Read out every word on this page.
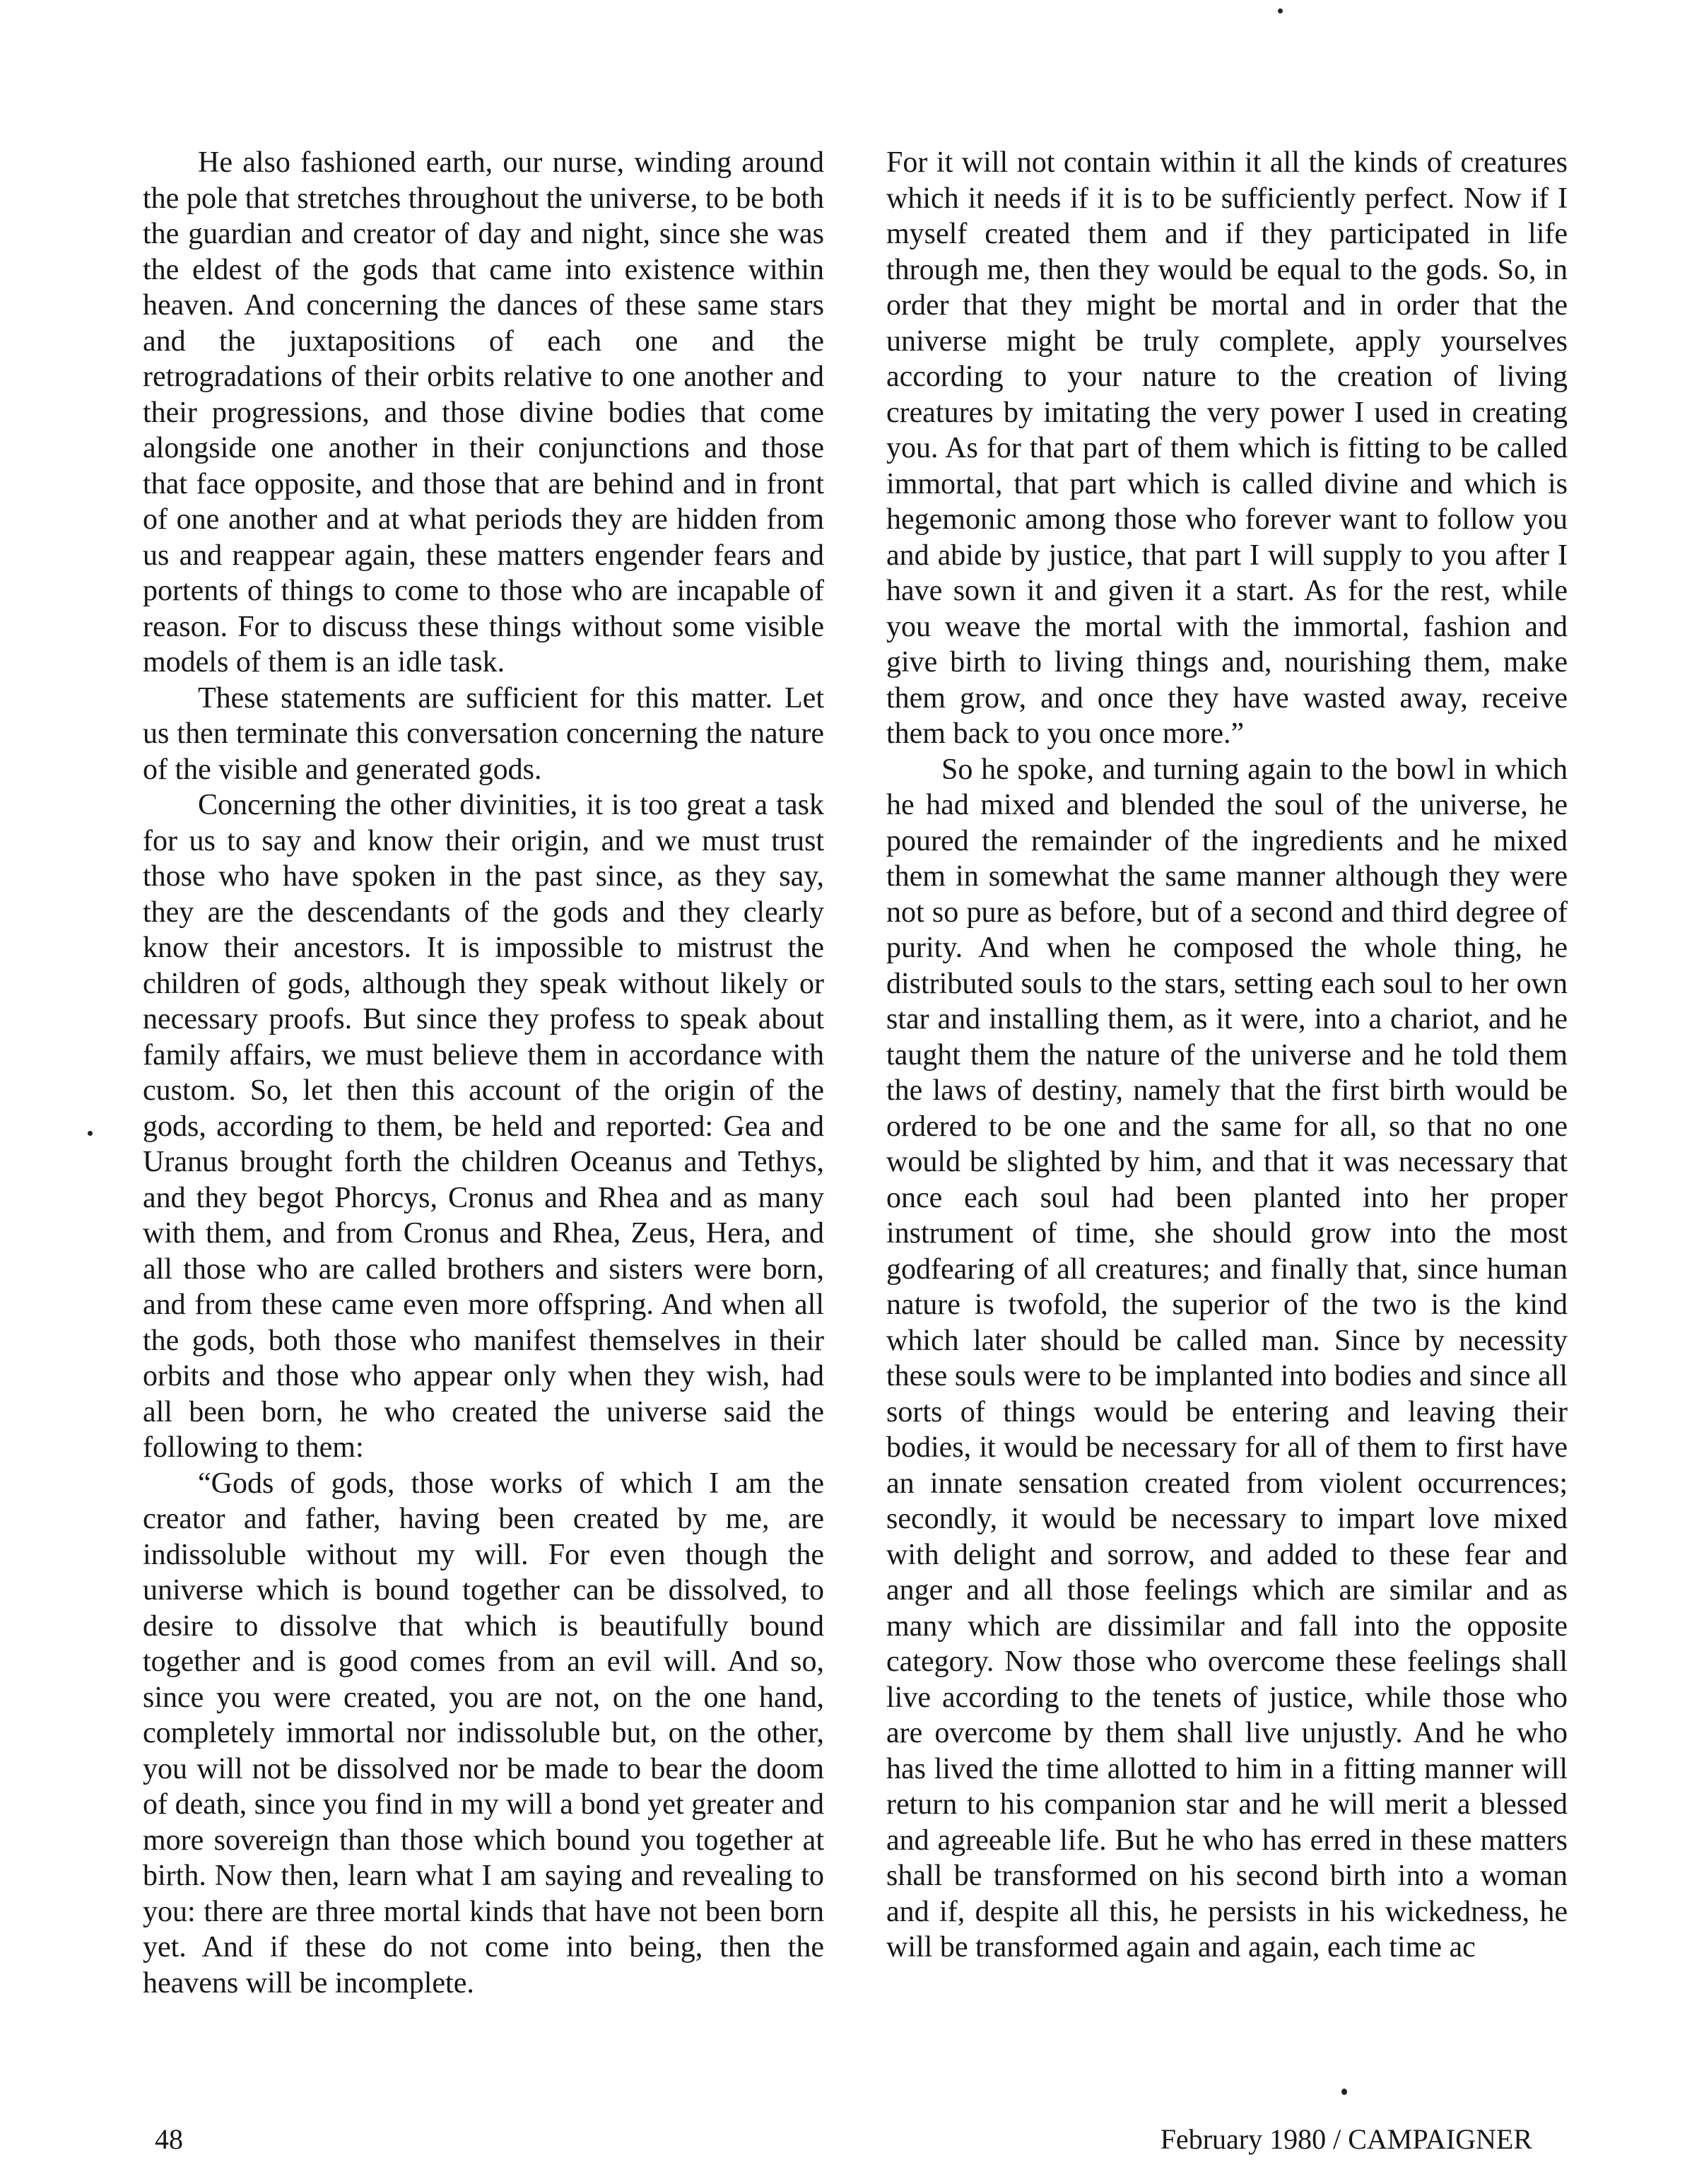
He also fashioned earth, our nurse, winding around the pole that stretches throughout the universe, to be both the guardian and creator of day and night, since she was the eldest of the gods that came into existence within heaven. And concerning the dances of these same stars and the juxtapositions of each one and the retrogradations of their orbits relative to one another and their progressions, and those divine bodies that come alongside one another in their conjunctions and those that face opposite, and those that are behind and in front of one another and at what periods they are hidden from us and reappear again, these matters engender fears and portents of things to come to those who are incapable of reason. For to discuss these things without some visible models of them is an idle task.

These statements are sufficient for this matter. Let us then terminate this conversation concerning the nature of the visible and generated gods.

Concerning the other divinities, it is too great a task for us to say and know their origin, and we must trust those who have spoken in the past since, as they say, they are the descendants of the gods and they clearly know their ancestors. It is impossible to mistrust the children of gods, although they speak without likely or necessary proofs. But since they profess to speak about family affairs, we must believe them in accordance with custom. So, let then this account of the origin of the gods, according to them, be held and reported: Gea and Uranus brought forth the children Oceanus and Tethys, and they begot Phorcys, Cronus and Rhea and as many with them, and from Cronus and Rhea, Zeus, Hera, and all those who are called brothers and sisters were born, and from these came even more offspring. And when all the gods, both those who manifest themselves in their orbits and those who appear only when they wish, had all been born, he who created the universe said the following to them:

“Gods of gods, those works of which I am the creator and father, having been created by me, are indissoluble without my will. For even though the universe which is bound together can be dissolved, to desire to dissolve that which is beautifully bound together and is good comes from an evil will. And so, since you were created, you are not, on the one hand, completely immortal nor indissoluble but, on the other, you will not be dissolved nor be made to bear the doom of death, since you find in my will a bond yet greater and more sovereign than those which bound you together at birth. Now then, learn what I am saying and revealing to you: there are three mortal kinds that have not been born yet. And if these do not come into being, then the heavens will be incomplete.

For it will not contain within it all the kinds of creatures which it needs if it is to be sufficiently perfect. Now if I myself created them and if they participated in life through me, then they would be equal to the gods. So, in order that they might be mortal and in order that the universe might be truly complete, apply yourselves according to your nature to the creation of living creatures by imitating the very power I used in creating you. As for that part of them which is fitting to be called immortal, that part which is called divine and which is hegemonic among those who forever want to follow you and abide by justice, that part I will supply to you after I have sown it and given it a start. As for the rest, while you weave the mortal with the immortal, fashion and give birth to living things and, nourishing them, make them grow, and once they have wasted away, receive them back to you once more.”

So he spoke, and turning again to the bowl in which he had mixed and blended the soul of the universe, he poured the remainder of the ingredients and he mixed them in somewhat the same manner although they were not so pure as before, but of a second and third degree of purity. And when he composed the whole thing, he distributed souls to the stars, setting each soul to her own star and installing them, as it were, into a chariot, and he taught them the nature of the universe and he told them the laws of destiny, namely that the first birth would be ordered to be one and the same for all, so that no one would be slighted by him, and that it was necessary that once each soul had been planted into her proper instrument of time, she should grow into the most godfearing of all creatures; and finally that, since human nature is twofold, the superior of the two is the kind which later should be called man. Since by necessity these souls were to be implanted into bodies and since all sorts of things would be entering and leaving their bodies, it would be necessary for all of them to first have an innate sensation created from violent occurrences; secondly, it would be necessary to impart love mixed with delight and sorrow, and added to these fear and anger and all those feelings which are similar and as many which are dissimilar and fall into the opposite category. Now those who overcome these feelings shall live according to the tenets of justice, while those who are overcome by them shall live unjustly. And he who has lived the time allotted to him in a fitting manner will return to his companion star and he will merit a blessed and agreeable life. But he who has erred in these matters shall be transformed on his second birth into a woman and if, despite all this, he persists in his wickedness, he will be transformed again and again, each time ac

48	February 1980 / CAMPAIGNER
